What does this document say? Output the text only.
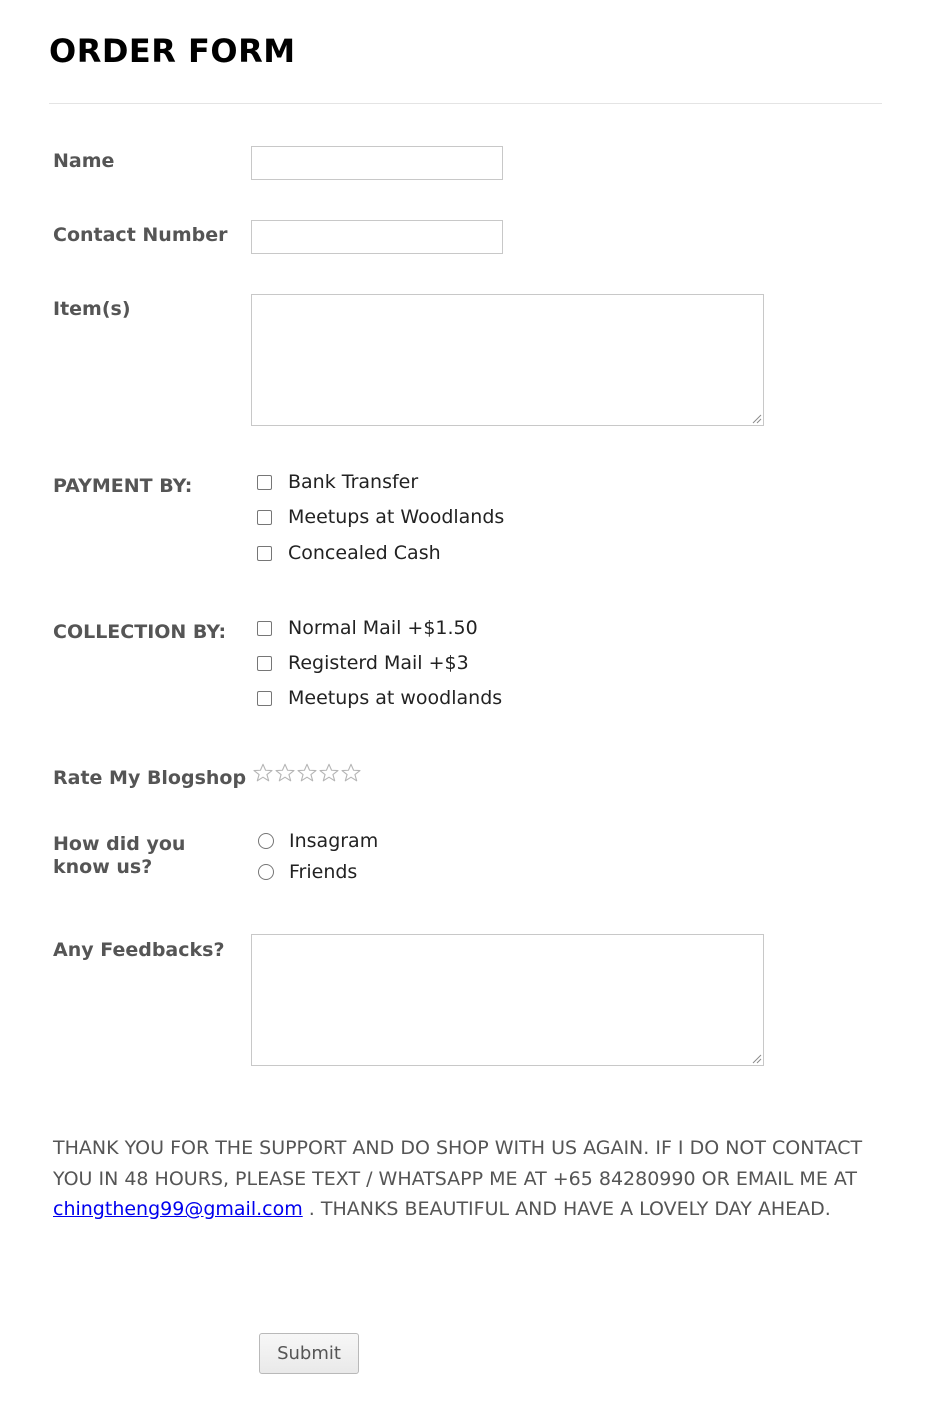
ORDER FORM
Name
Contact Number
Item(s)
PAYMENT BY:	Bank Transfer
Meetups at Woodlands
Concealed Cash
COLLECTION BY:	Normal Mail +$1.50
Registerd Mail +$3
Meetups at woodlands
Rate My Blogshop
How did you
know us?
Insagram
Friends
Any Feedbacks?

THANK YOU FOR THE SUPPORT AND DO SHOP WITH US AGAIN. IF I DO NOT CONTACT YOU IN 48 HOURS, PLEASE TEXT / WHATSAPP ME AT +65 84280990 OR EMAIL ME AT chingtheng99@gmail.com . THANKS BEAUTIFUL AND HAVE A LOVELY DAY AHEAD.

Submit
